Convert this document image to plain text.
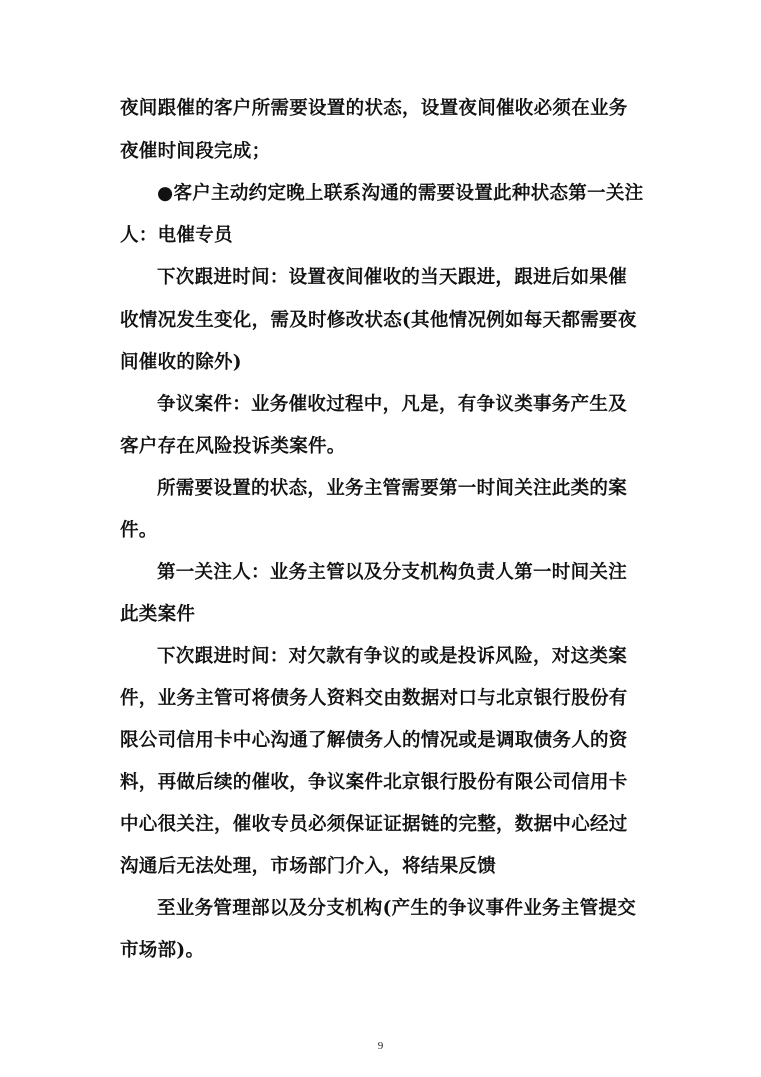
夜间跟催的客户所需要设置的状态，设置夜间催收必须在业务
夜催时间段完成；
●客户主动约定晚上联系沟通的需要设置此种状态第一关注
人：电催专员
下次跟进时间：设置夜间催收的当天跟进，跟进后如果催
收情况发生变化，需及时修改状态(其他情况例如每天都需要夜
间催收的除外)
争议案件：业务催收过程中，凡是，有争议类事务产生及
客户存在风险投诉类案件。
所需要设置的状态，业务主管需要第一时间关注此类的案
件。
第一关注人：业务主管以及分支机构负责人第一时间关注
此类案件
下次跟进时间：对欠款有争议的或是投诉风险，对这类案
件，业务主管可将债务人资料交由数据对口与北京银行股份有
限公司信用卡中心沟通了解债务人的情况或是调取债务人的资
料，再做后续的催收，争议案件北京银行股份有限公司信用卡
中心很关注，催收专员必须保证证据链的完整，数据中心经过
沟通后无法处理，市场部门介入，将结果反馈
至业务管理部以及分支机构(产生的争议事件业务主管提交
市场部)。
9
